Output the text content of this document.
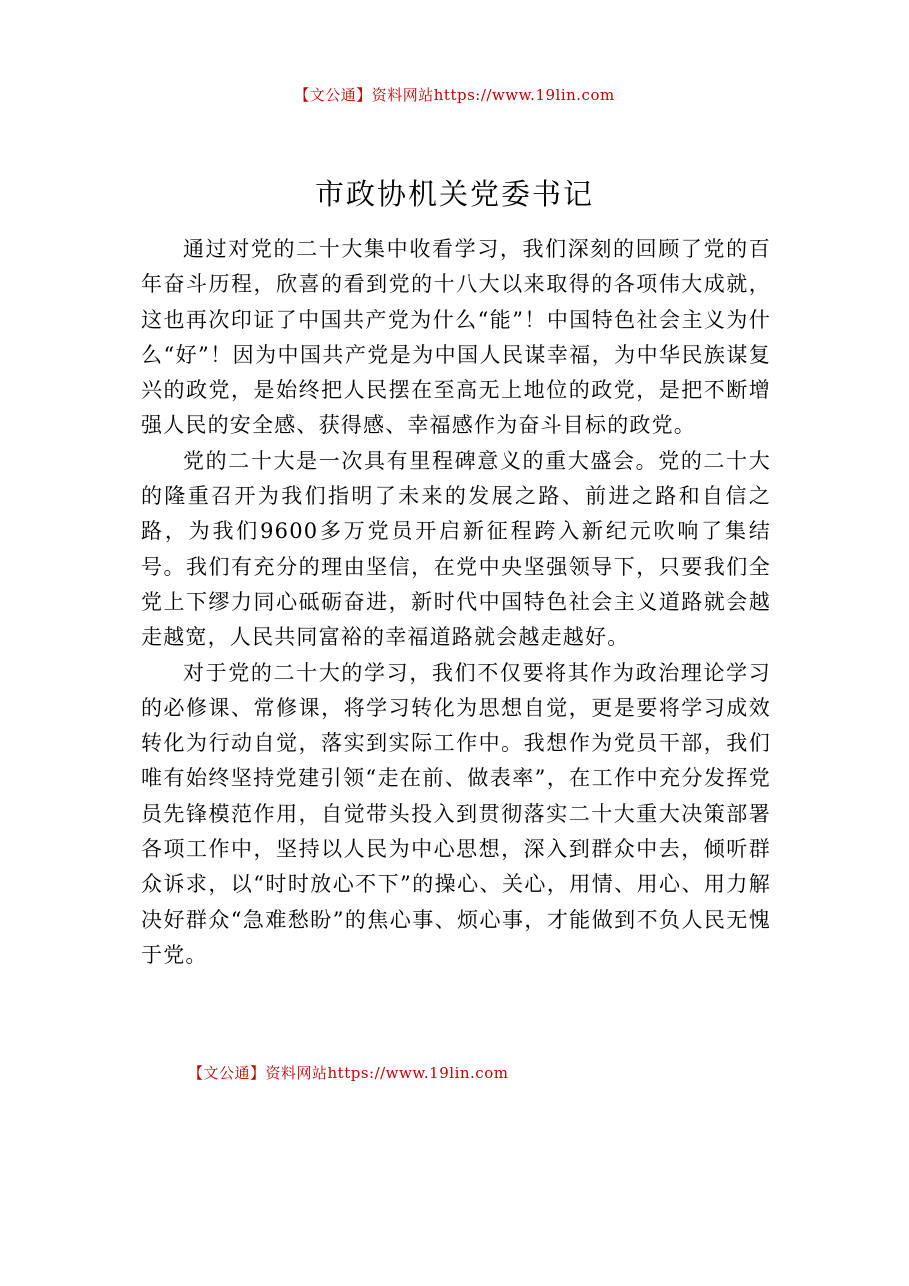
【文公通】资料网站https://www.19lin.com
市政协机关党委书记

通过对党的二十大集中收看学习，我们深刻的回顾了党的百年奋斗历程，欣喜的看到党的十八大以来取得的各项伟大成就，这也再次印证了中国共产党为什么“能”！中国特色社会主义为什么“好”！因为中国共产党是为中国人民谋幸福，为中华民族谋复兴的政党，是始终把人民摆在至高无上地位的政党，是把不断增强人民的安全感、获得感、幸福感作为奋斗目标的政党。

党的二十大是一次具有里程碑意义的重大盛会。党的二十大的隆重召开为我们指明了未来的发展之路、前进之路和自信之路，为我们9600多万党员开启新征程跨入新纪元吹响了集结号。我们有充分的理由坚信，在党中央坚强领导下，只要我们全党上下缪力同心砥砺奋进，新时代中国特色社会主义道路就会越走越宽，人民共同富裕的幸福道路就会越走越好。

对于党的二十大的学习，我们不仅要将其作为政治理论学习的必修课、常修课，将学习转化为思想自觉，更是要将学习成效转化为行动自觉，落实到实际工作中。我想作为党员干部，我们唯有始终坚持党建引领“走在前、做表率”，在工作中充分发挥党员先锋模范作用，自觉带头投入到贯彻落实二十大重大决策部署各项工作中，坚持以人民为中心思想，深入到群众中去，倾听群众诉求，以“时时放心不下”的操心、关心，用情、用心、用力解决好群众“急难愁盼”的焦心事、烦心事，才能做到不负人民无愧于党。

【文公通】资料网站https://www.19lin.com
